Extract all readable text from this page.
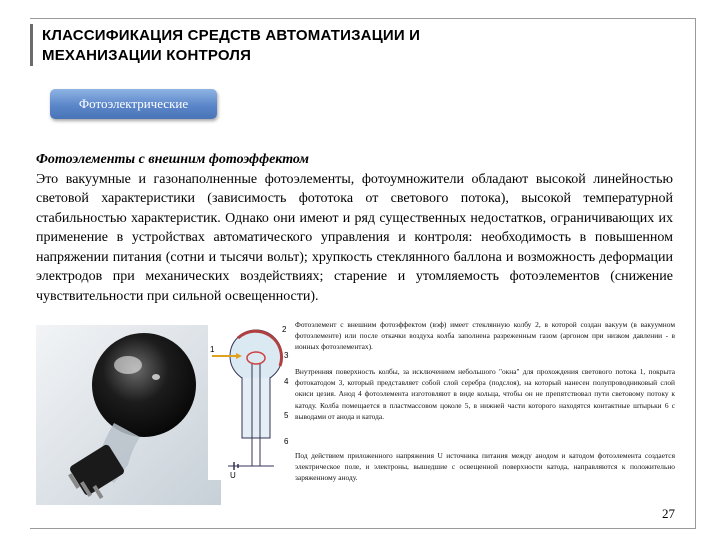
КЛАССИФИКАЦИЯ СРЕДСТВ АВТОМАТИЗАЦИИ И
МЕХАНИЗАЦИИ КОНТРОЛЯ
Фотоэлектрические
Фотоэлементы с внешним фотоэффектом
Это вакуумные и газонаполненные фотоэлементы, фотоумножители обладают высокой линейностью световой характеристики (зависимость фототока от светового потока), высокой температурной стабильностью характеристик. Однако они имеют и ряд существенных недостатков, ограничивающих их применение в устройствах автоматического управления и контроля: необходимость в повышенном напряжении питания (сотни и тысячи вольт); хрупкость стеклянного баллона и возможность деформации электродов при механических воздействиях; старение и утомляемость фотоэлементов (снижение чувствительности при сильной освещенности).
2
1
3
4
5
6
U
Фотоэлемент с внешним фотоэффектом (вэф) имеет стеклянную колбу 2, в которой создан вакуум (в вакуумном фотоэлементе) или после откачки воздуха колба заполнена разреженным газом (аргоном при низком давлении - в ионных фотоэлементах).
Внутренняя поверхность колбы, за исключением небольшого "окна" для прохождения светового потока 1, покрыта фотокатодом 3, который представляет собой слой серебра (подслоя), на который нанесен полупроводниковый слой окиси цезия. Анод 4 фотоэлемента изготовляют в виде кольца, чтобы он не препятствовал пути световому потоку к катоду. Колба помещается в пластмассовом цоколе 5, в нижней части которого находятся контактные штырьки 6 с выводами от анода и катода.
Под действием приложенного напряжения U источника питания между анодом и катодом фотоэлемента создается электрическое поле, и электроны, вышедшие с освещенной поверхности катода, направляются к положительно заряженному аноду.
27
